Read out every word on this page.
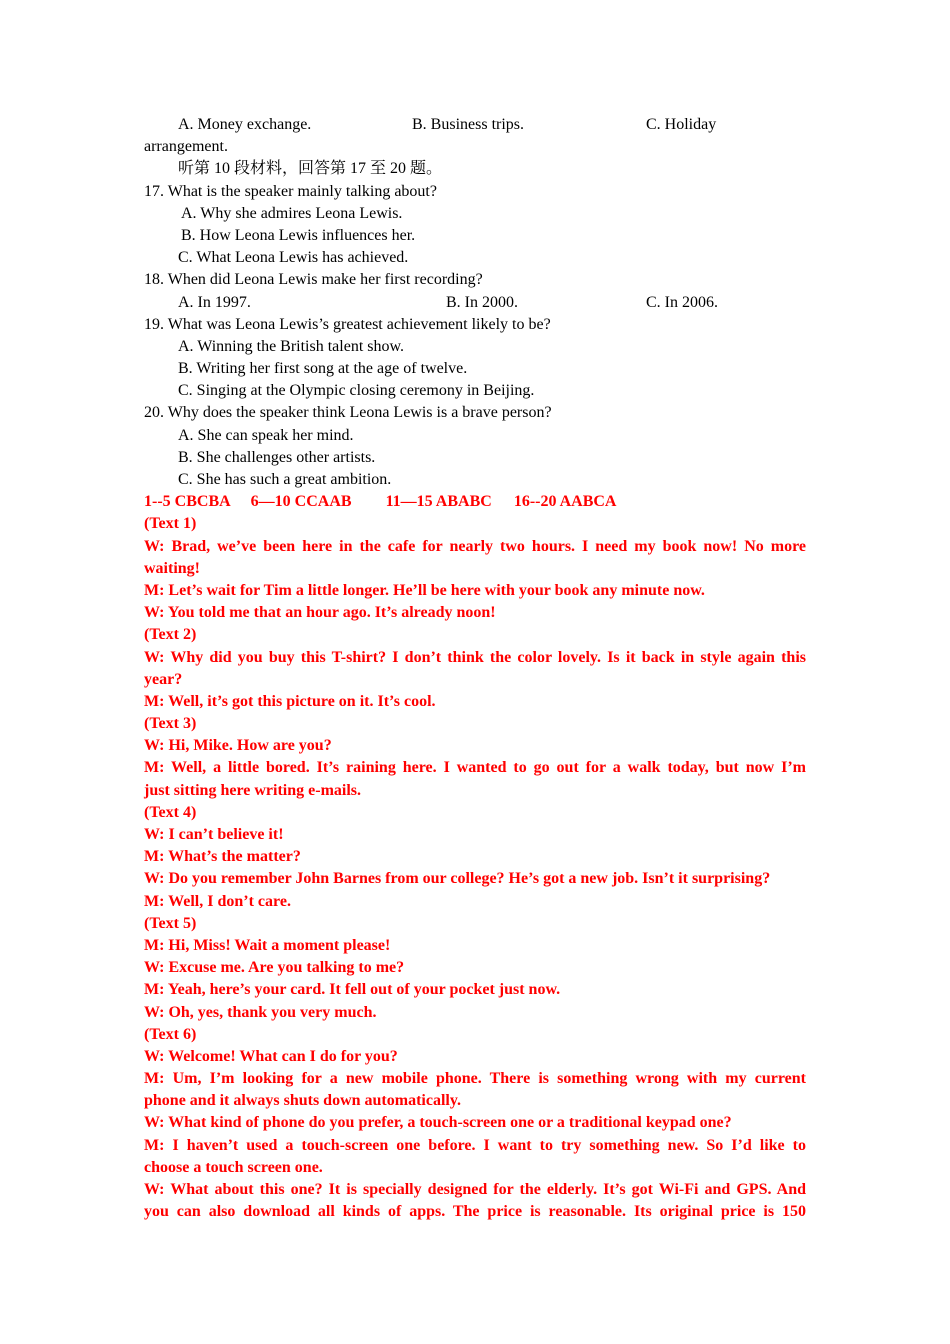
A. Money exchange.	B. Business trips.	C. Holiday
arrangement.
听第 10 段材料，回答第 17 至 20 题。
17. What is the speaker mainly talking about?
A. Why she admires Leona Lewis.
B. How Leona Lewis influences her.
C. What Leona Lewis has achieved.
18. When did Leona Lewis make her first recording?
A. In 1997.	B. In 2000.	C. In 2006.
19. What was Leona Lewis’s greatest achievement likely to be?
A. Winning the British talent show.
B. Writing her first song at the age of twelve.
C. Singing at the Olympic closing ceremony in Beijing.
20. Why does the speaker think Leona Lewis is a brave person?
A. She can speak her mind.
B. She challenges other artists.
C. She has such a great ambition.
1--5 CBCBA 6—10 CCAAB 11—15 ABABC 16--20 AABCA
(Text 1)
W: Brad, we’ve been here in the cafe for nearly two hours. I need my book now! No more
waiting!
M: Let’s wait for Tim a little longer. He’ll be here with your book any minute now.
W: You told me that an hour ago. It’s already noon!
(Text 2)
W: Why did you buy this T-shirt? I don’t think the color lovely. Is it back in style again this
year?
M: Well, it’s got this picture on it. It’s cool.
(Text 3)
W: Hi, Mike. How are you?
M: Well, a little bored. It’s raining here. I wanted to go out for a walk today, but now I’m
just sitting here writing e-mails.
(Text 4)
W: I can’t believe it!
M: What’s the matter?
W: Do you remember John Barnes from our college? He’s got a new job. Isn’t it surprising?
M: Well, I don’t care.
(Text 5)
M: Hi, Miss! Wait a moment please!
W: Excuse me. Are you talking to me?
M: Yeah, here’s your card. It fell out of your pocket just now.
W: Oh, yes, thank you very much.
(Text 6)
W: Welcome! What can I do for you?
M: Um, I’m looking for a new mobile phone. There is something wrong with my current
phone and it always shuts down automatically.
W: What kind of phone do you prefer, a touch-screen one or a traditional keypad one?
M: I haven’t used a touch-screen one before. I want to try something new. So I’d like to
choose a touch screen one.
W: What about this one? It is specially designed for the elderly. It’s got Wi-Fi and GPS. And
you can also download all kinds of apps. The price is reasonable. Its original price is 150
